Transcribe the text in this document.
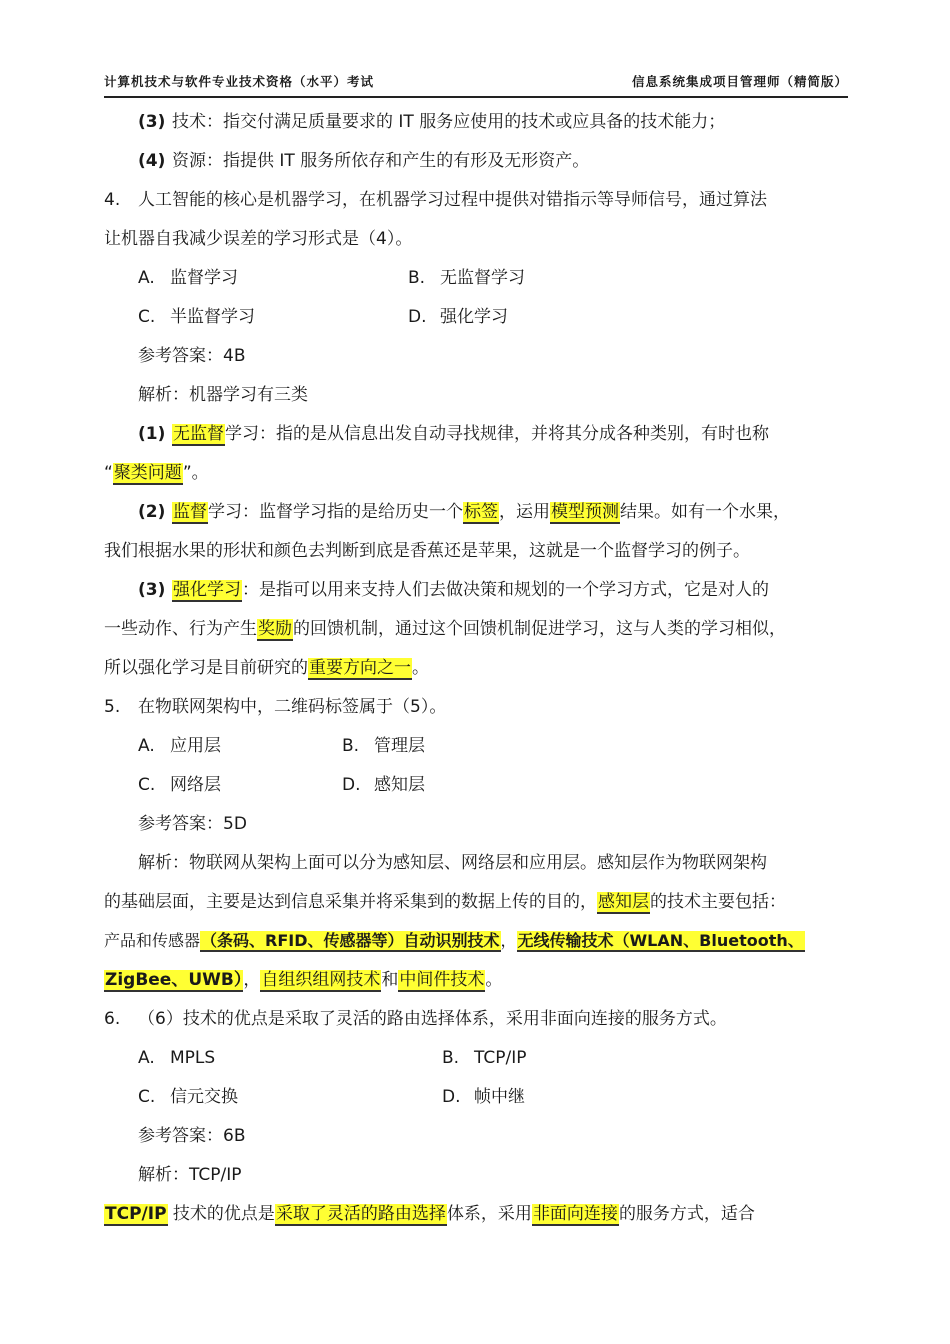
计算机技术与软件专业技术资格（水平）考试	信息系统集成项目管理师（精简版）
(3) 技术：指交付满足质量要求的 IT 服务应使用的技术或应具备的技术能力；
(4) 资源：指提供 IT 服务所依存和产生的有形及无形资产。
4. 人工智能的核心是机器学习，在机器学习过程中提供对错指示等导师信号，通过算法
让机器自我减少误差的学习形式是（4）。
A. 监督学习	B. 无监督学习
C. 半监督学习	D. 强化学习
参考答案：4B
解析：机器学习有三类
(1) 无监督学习：指的是从信息出发自动寻找规律，并将其分成各种类别，有时也称
“聚类问题”。
(2) 监督学习：监督学习指的是给历史一个标签，运用模型预测结果。如有一个水果，
我们根据水果的形状和颜色去判断到底是香蕉还是苹果，这就是一个监督学习的例子。
(3) 强化学习：是指可以用来支持人们去做决策和规划的一个学习方式，它是对人的
一些动作、行为产生奖励的回馈机制，通过这个回馈机制促进学习，这与人类的学习相似，
所以强化学习是目前研究的重要方向之一。
5. 在物联网架构中，二维码标签属于（5）。
A. 应用层	B. 管理层
C. 网络层	D. 感知层
参考答案：5D
解析：物联网从架构上面可以分为感知层、网络层和应用层。感知层作为物联网架构
的基础层面，主要是达到信息采集并将采集到的数据上传的目的，感知层的技术主要包括：
产品和传感器（条码、RFID、传感器等）自动识别技术，无线传输技术（WLAN、Bluetooth、
ZigBee、UWB），自组织组网技术和中间件技术。
6. （6）技术的优点是采取了灵活的路由选择体系，采用非面向连接的服务方式。
A. MPLS	B. TCP/IP
C. 信元交换	D. 帧中继
参考答案：6B
解析：TCP/IP
TCP/IP 技术的优点是采取了灵活的路由选择体系，采用非面向连接的服务方式，适合
